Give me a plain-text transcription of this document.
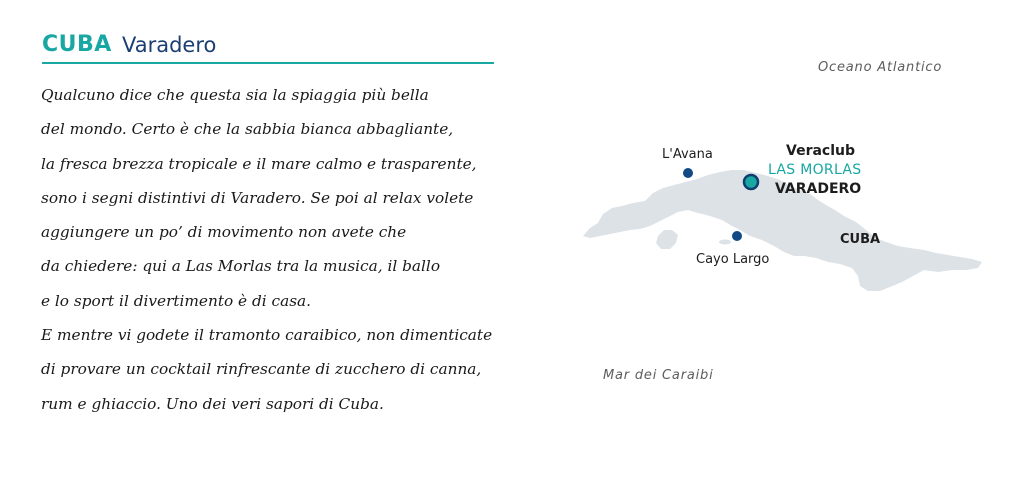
CUBA Varadero
Qualcuno dice che questa sia la spiaggia più bella
del mondo. Certo è che la sabbia bianca abbagliante,
la fresca brezza tropicale e il mare calmo e trasparente,
sono i segni distintivi di Varadero. Se poi al relax volete
aggiungere un po’ di movimento non avete che
da chiedere: qui a Las Morlas tra la musica, il ballo
e lo sport il divertimento è di casa.
E mentre vi godete il tramonto caraibico, non dimenticate
di provare un cocktail rinfrescante di zucchero di canna,
rum e ghiaccio. Uno dei veri sapori di Cuba.
Oceano Atlantico
Mar dei Caraibi
L'Avana	Veraclub
LAS MORLAS
VARADERO
CUBA
Cayo Largo
